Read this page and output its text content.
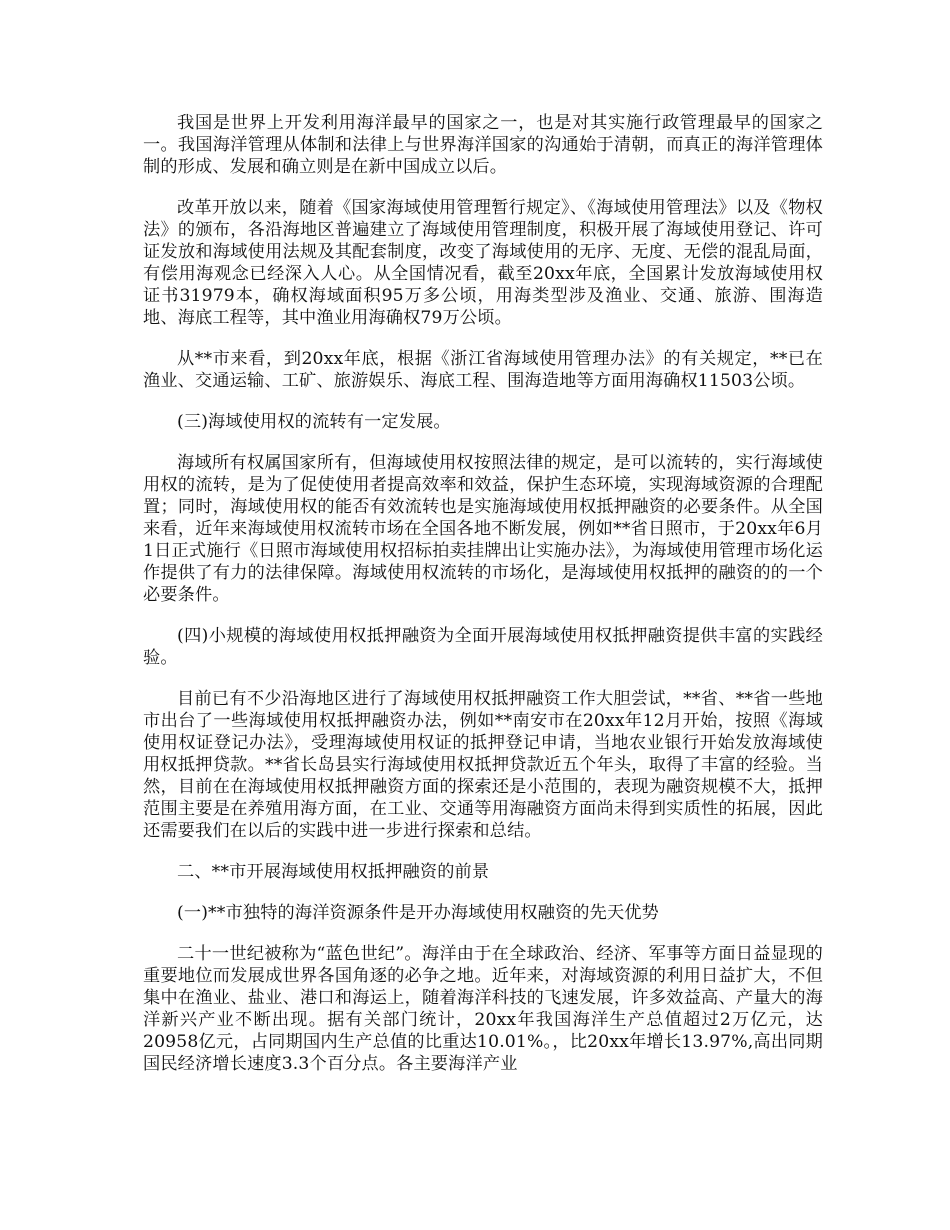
我国是世界上开发利用海洋最早的国家之一，也是对其实施行政管理最早的国家之一。我国海洋管理从体制和法律上与世界海洋国家的沟通始于清朝，而真正的海洋管理体制的形成、发展和确立则是在新中国成立以后。

改革开放以来，随着《国家海域使用管理暂行规定》、《海域使用管理法》以及《物权法》的颁布，各沿海地区普遍建立了海域使用管理制度，积极开展了海域使用登记、许可证发放和海域使用法规及其配套制度，改变了海域使用的无序、无度、无偿的混乱局面，有偿用海观念已经深入人心。从全国情况看，截至20xx年底，全国累计发放海域使用权证书31979本，确权海域面积95万多公顷，用海类型涉及渔业、交通、旅游、围海造地、海底工程等，其中渔业用海确权79万公顷。

从**市来看，到20xx年底，根据《浙江省海域使用管理办法》的有关规定，**已在渔业、交通运输、工矿、旅游娱乐、海底工程、围海造地等方面用海确权11503公顷。

(三)海域使用权的流转有一定发展。

海域所有权属国家所有，但海域使用权按照法律的规定，是可以流转的，实行海域使用权的流转，是为了促使使用者提高效率和效益，保护生态环境，实现海域资源的合理配置；同时，海域使用权的能否有效流转也是实施海域使用权抵押融资的必要条件。从全国来看，近年来海域使用权流转市场在全国各地不断发展，例如**省日照市，于20xx年6月1日正式施行《日照市海域使用权招标拍卖挂牌出让实施办法》，为海域使用管理市场化运作提供了有力的法律保障。海域使用权流转的市场化，是海域使用权抵押的融资的的一个必要条件。

(四)小规模的海域使用权抵押融资为全面开展海域使用权抵押融资提供丰富的实践经验。

目前已有不少沿海地区进行了海域使用权抵押融资工作大胆尝试，**省、**省一些地市出台了一些海域使用权抵押融资办法，例如**南安市在20xx年12月开始，按照《海域使用权证登记办法》，受理海域使用权证的抵押登记申请，当地农业银行开始发放海域使用权抵押贷款。**省长岛县实行海域使用权抵押贷款近五个年头，取得了丰富的经验。当然，目前在在海域使用权抵押融资方面的探索还是小范围的，表现为融资规模不大，抵押范围主要是在养殖用海方面，在工业、交通等用海融资方面尚未得到实质性的拓展，因此还需要我们在以后的实践中进一步进行探索和总结。

二、**市开展海域使用权抵押融资的前景

(一)**市独特的海洋资源条件是开办海域使用权融资的先天优势

二十一世纪被称为“蓝色世纪”。海洋由于在全球政治、经济、军事等方面日益显现的重要地位而发展成世界各国角逐的必争之地。近年来，对海域资源的利用日益扩大，不但集中在渔业、盐业、港口和海运上，随着海洋科技的飞速发展，许多效益高、产量大的海洋新兴产业不断出现。据有关部门统计，20xx年我国海洋生产总值超过2万亿元，达20958亿元，占同期国内生产总值的比重达10.01%。，比20xx年增长13.97%,高出同期国民经济增长速度3.3个百分点。各主要海洋产业
